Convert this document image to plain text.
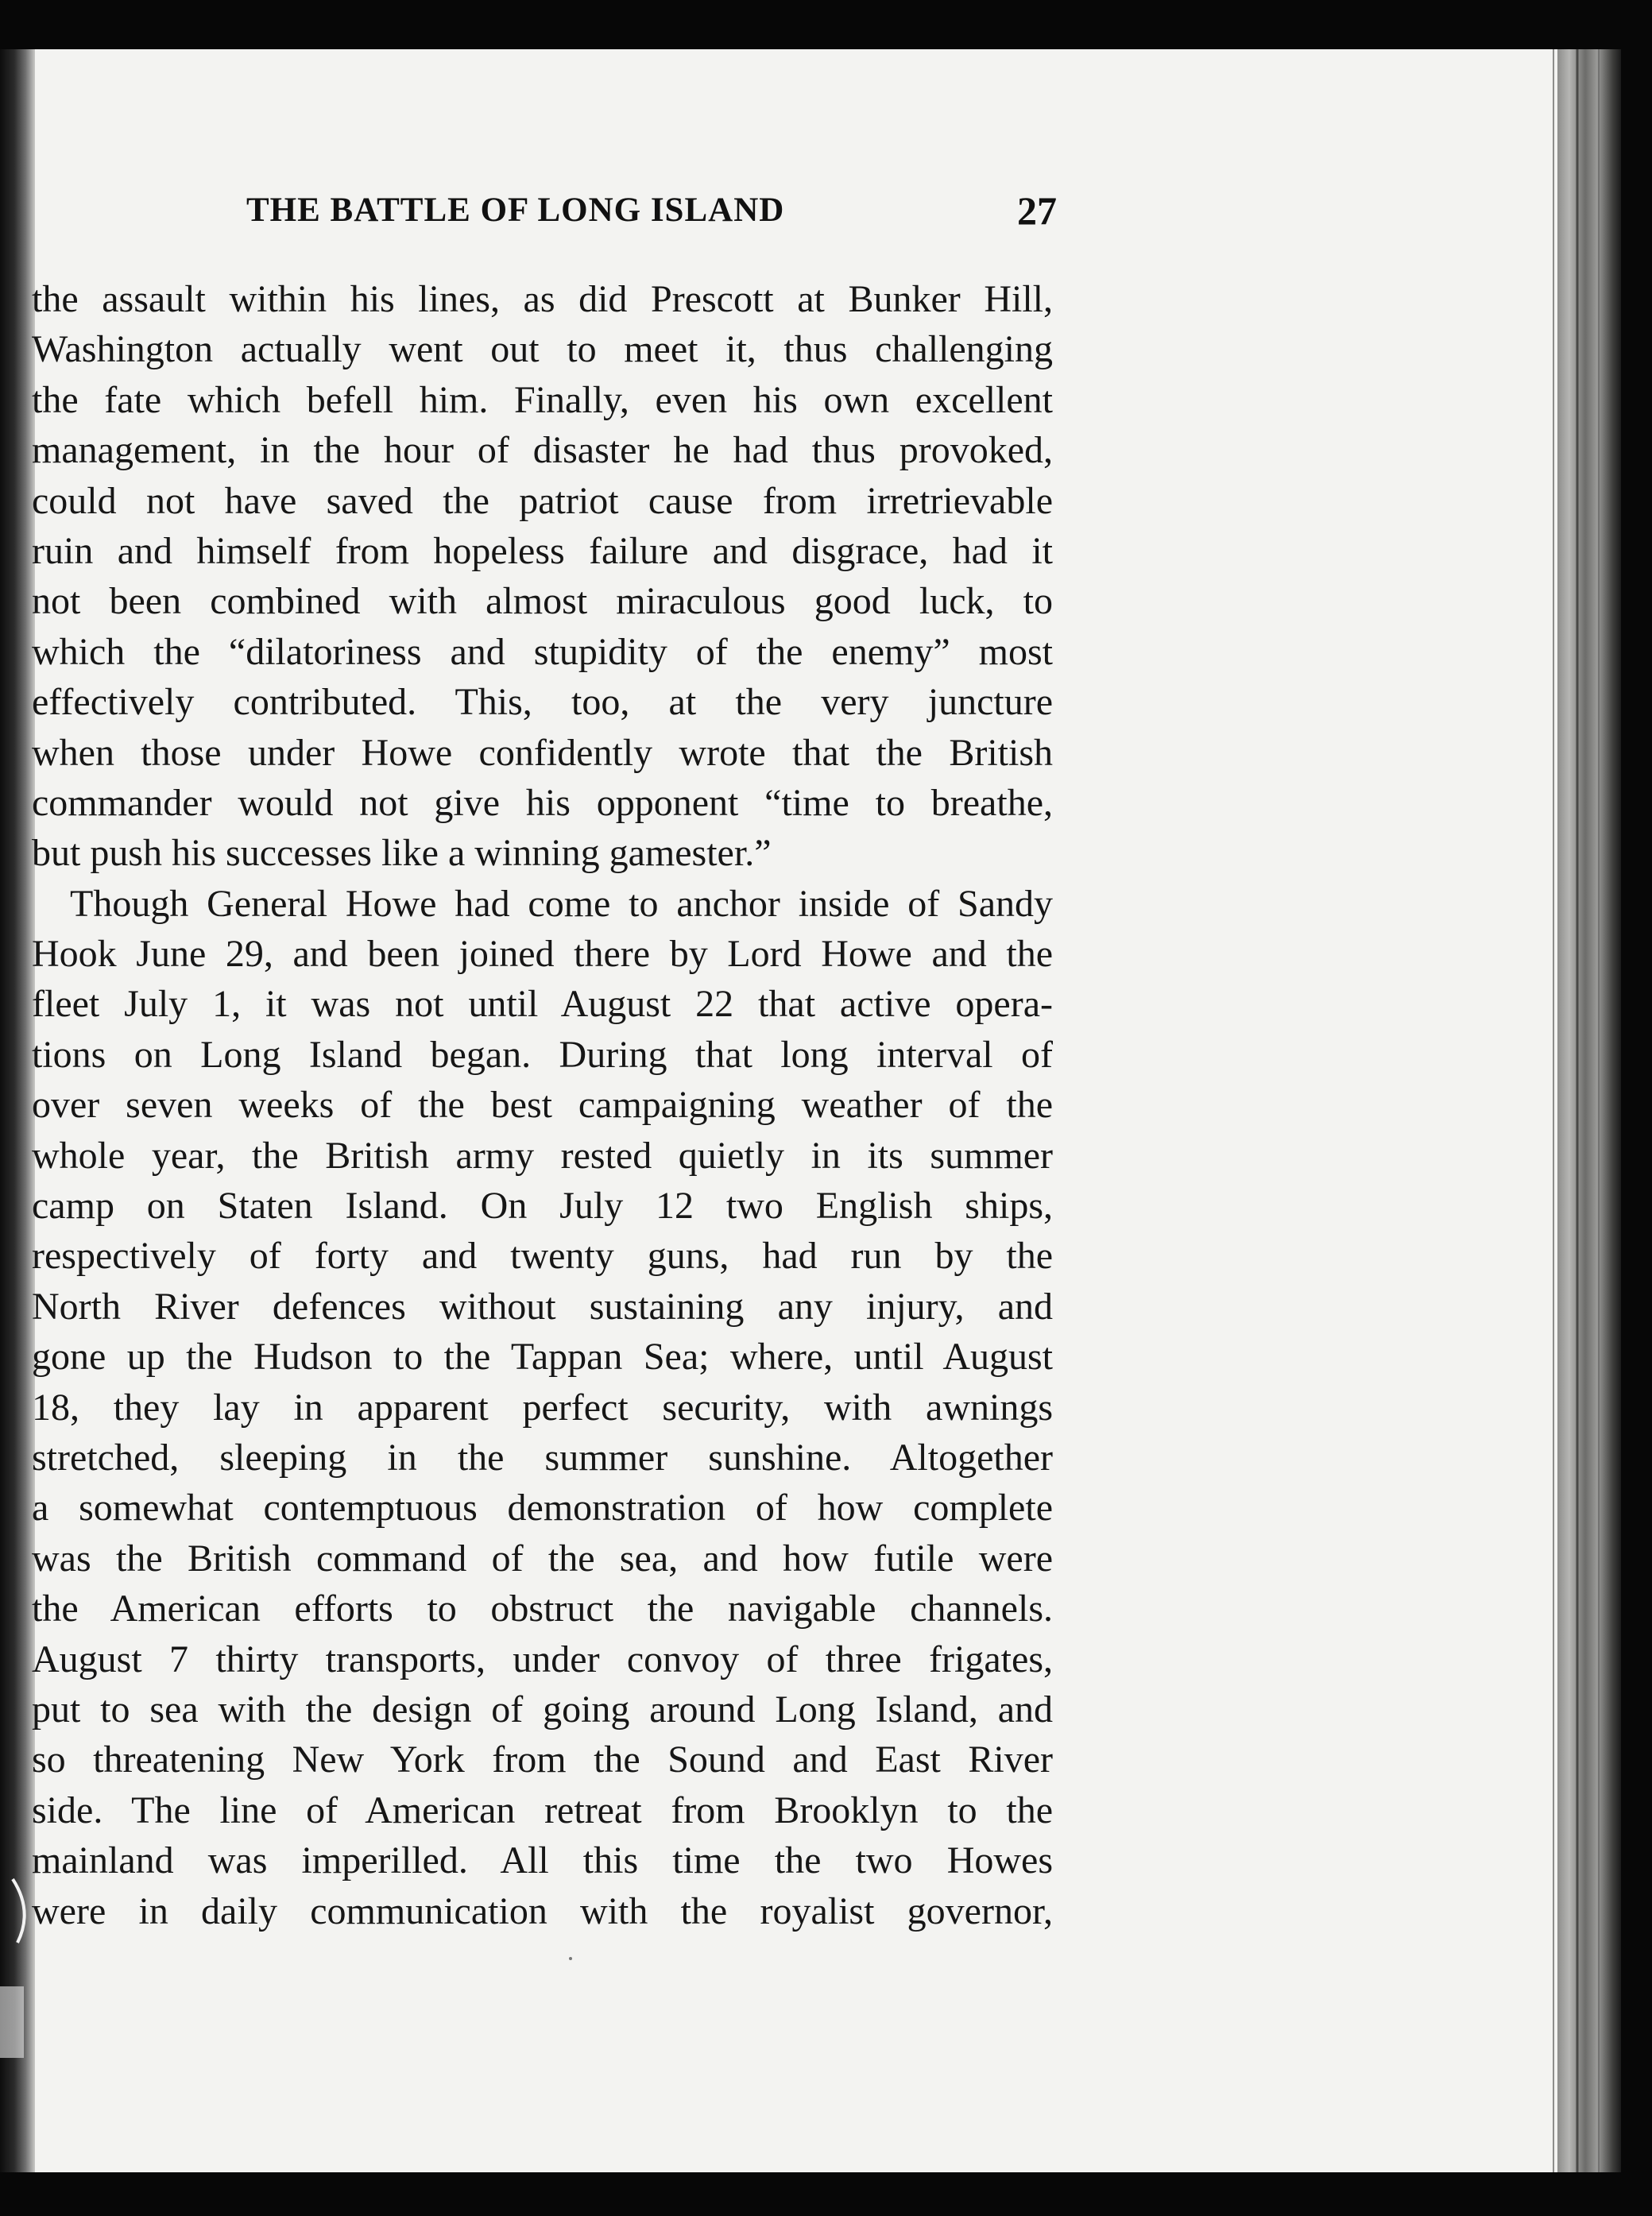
THE BATTLE OF LONG ISLAND	27
the assault within his lines, as did Prescott at Bunker Hill,
Washington actually went out to meet it, thus challenging
the fate which befell him. Finally, even his own excellent
management, in the hour of disaster he had thus provoked,
could not have saved the patriot cause from irretrievable
ruin and himself from hopeless failure and disgrace, had it
not been combined with almost miraculous good luck, to
which the “dilatoriness and stupidity of the enemy” most
effectively contributed. This, too, at the very juncture
when those under Howe confidently wrote that the British
commander would not give his opponent “time to breathe,
but push his successes like a winning gamester.”
Though General Howe had come to anchor inside of Sandy
Hook June 29, and been joined there by Lord Howe and the
fleet July 1, it was not until August 22 that active opera-
tions on Long Island began. During that long interval of
over seven weeks of the best campaigning weather of the
whole year, the British army rested quietly in its summer
camp on Staten Island. On July 12 two English ships,
respectively of forty and twenty guns, had run by the
North River defences without sustaining any injury, and
gone up the Hudson to the Tappan Sea; where, until August
18, they lay in apparent perfect security, with awnings
stretched, sleeping in the summer sunshine. Altogether
a somewhat contemptuous demonstration of how complete
was the British command of the sea, and how futile were
the American efforts to obstruct the navigable channels.
August 7 thirty transports, under convoy of three frigates,
put to sea with the design of going around Long Island, and
so threatening New York from the Sound and East River
side. The line of American retreat from Brooklyn to the
mainland was imperilled. All this time the two Howes
were in daily communication with the royalist governor,
